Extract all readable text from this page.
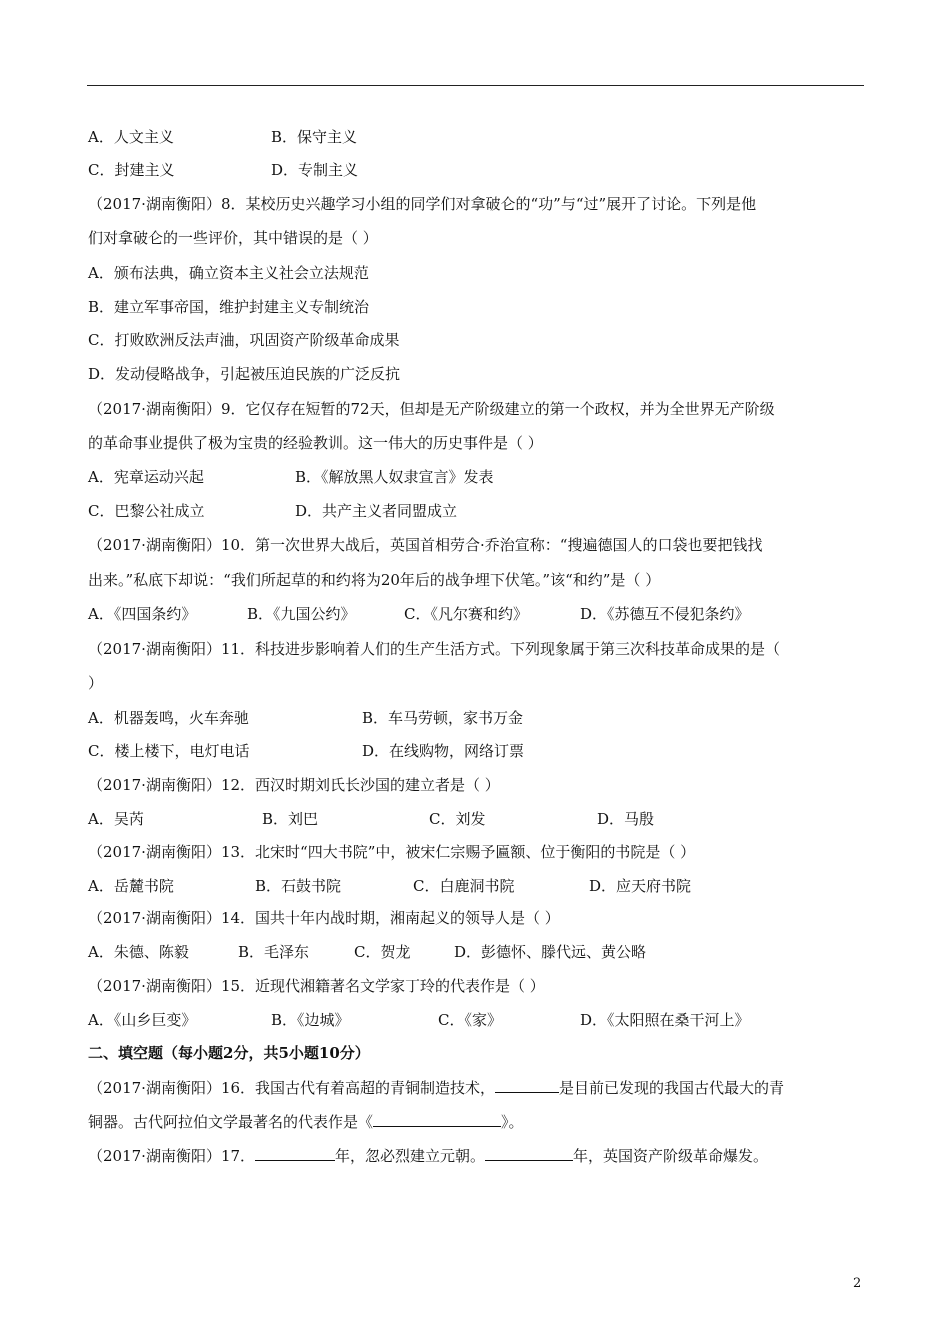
A．人文主义	B．保守主义
C．封建主义	D．专制主义
（2017·湖南衡阳）8．某校历史兴趣学习小组的同学们对拿破仑的“功”与“过”展开了讨论。下列是他
们对拿破仑的一些评价，其中错误的是（ ）
A．颁布法典，确立资本主义社会立法规范
B．建立军事帝国，维护封建主义专制统治
C．打败欧洲反法声浀，巩固资产阶级革命成果
D．发动侵略战争，引起被压迫民族的广泛反抗
（2017·湖南衡阳）9．它仅存在短暂的72天，但却是无产阶级建立的第一个政权，并为全世界无产阶级
的革命事业提供了极为宝贵的经验教训。这一伟大的历史事件是（ ）
A．宪章运动兴起	B．《解放黑人奴隶宣言》发表
C．巴黎公社成立	D．共产主义者同盟成立
（2017·湖南衡阳）10．第一次世界大战后，英国首相劳合·乔治宣称：“搜遍德国人的口袋也要把钱找
出来。”私底下却说：“我们所起草的和约将为20年后的战争埋下伏笔。”该“和约”是（ ）
A．《四国条约》	B．《九国公约》	C．《凡尔赛和约》	D．《苏德互不侵犯条约》
（2017·湖南衡阳）11．科技进步影响着人们的生产生活方式。下列现象属于第三次科技革命成果的是（
）
A．机器轰鸣，火车奔驰	B．车马劳顿，家书万金
C．楼上楼下，电灯电话	D．在线购物，网络订票
（2017·湖南衡阳）12．西汉时期刘氏长沙国的建立者是（ ）
A．吴芮	B．刘巴	C．刘发	D．马殷
（2017·湖南衡阳）13．北宋时“四大书院”中，被宋仁宗赐予匾额、位于衡阳的书院是（ ）
A．岳麓书院	B．石鼓书院	C．白鹿洞书院	D．应天府书院
（2017·湖南衡阳）14．国共十年内战时期，湘南起义的领导人是（ ）
A．朱德、陈毅	B．毛泽东	C．贺龙	D．彭德怀、滕代远、黄公略
（2017·湖南衡阳）15．近现代湘籍著名文学家丁玲的代表作是（ ）
A．《山乡巨变》	B．《边城》	C．《家》	D．《太阳照在桑干河上》
二、填空题（每小题2分，共5小题10分）
（2017·湖南衡阳）16．我国古代有着高超的青铜制造技术，	是目前已发现的我国古代最大的青
铜器。古代阿拉伯文学最著名的代表作是《	》。
（2017·湖南衡阳）17．	年，忽必烈建立元朝。	年，英国资产阶级革命爆发。
2
